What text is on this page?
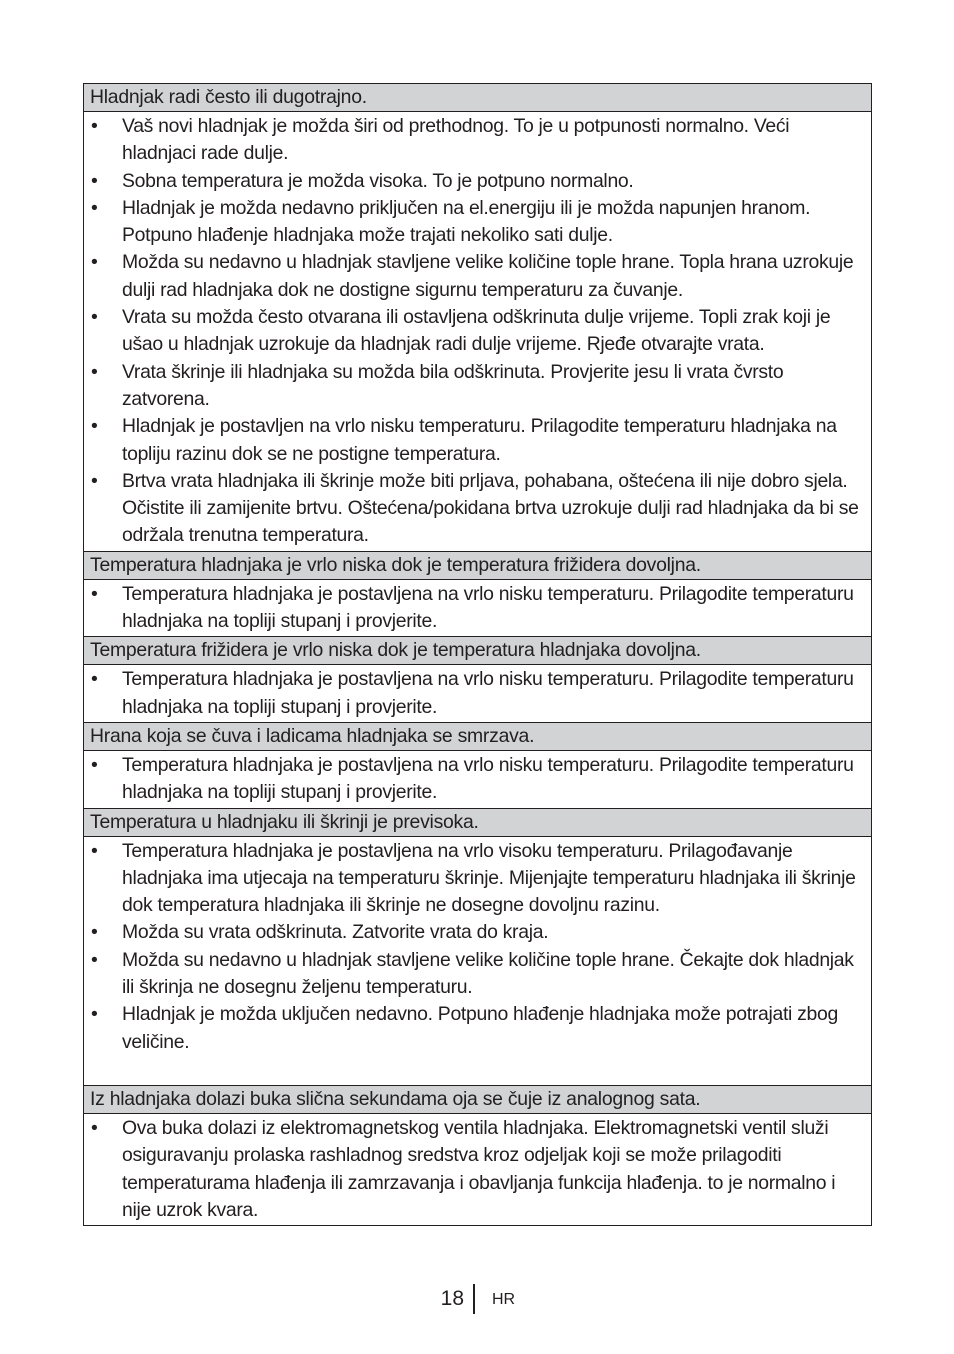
Hladnjak radi često ili dugotrajno.

• Vaš novi hladnjak je možda širi od prethodnog. To je u potpunosti normalno. Veći hladnjaci rade dulje.
• Sobna temperatura je možda visoka. To je potpuno normalno.
• Hladnjak je možda nedavno priključen na el.energiju ili je možda napunjen hranom. Potpuno hlađenje hladnjaka može trajati nekoliko sati dulje.
• Možda su nedavno u hladnjak stavljene velike količine tople hrane. Topla hrana uzrokuje dulji rad hladnjaka dok ne dostigne sigurnu temperaturu za čuvanje.
• Vrata su možda često otvarana ili ostavljena odškrinuta dulje vrijeme. Topli zrak koji je ušao u hladnjak uzrokuje da hladnjak radi dulje vrijeme. Rjeđe otvarajte vrata.
• Vrata škrinje ili hladnjaka su možda bila odškrinuta. Provjerite jesu li vrata čvrsto zatvorena.
• Hladnjak je postavljen na vrlo nisku temperaturu. Prilagodite temperaturu hladnjaka na topliju razinu dok se ne postigne temperatura.
• Brtva vrata hladnjaka ili škrinje može biti prljava, pohabana, oštećena ili nije dobro sjela. Očistite ili zamijenite brtvu. Oštećena/pokidana brtva uzrokuje dulji rad hladnjaka da bi se održala trenutna temperatura.

Temperatura hladnjaka je vrlo niska dok je temperatura frižidera dovoljna.

• Temperatura hladnjaka je postavljena na vrlo nisku temperaturu. Prilagodite temperaturu hladnjaka na topliji stupanj i provjerite.

Temperatura frižidera je vrlo niska dok je temperatura hladnjaka dovoljna.

• Temperatura hladnjaka je postavljena na vrlo nisku temperaturu. Prilagodite temperaturu hladnjaka na topliji stupanj i provjerite.

Hrana koja se čuva i ladicama hladnjaka se smrzava.

• Temperatura hladnjaka je postavljena na vrlo nisku temperaturu. Prilagodite temperaturu hladnjaka na topliji stupanj i provjerite.

Temperatura u hladnjaku ili škrinji je previsoka.

• Temperatura hladnjaka je postavljena na vrlo visoku temperaturu. Prilagođavanje hladnjaka ima utjecaja na temperaturu škrinje. Mijenjajte temperaturu hladnjaka ili škrinje dok temperatura hladnjaka ili škrinje ne dosegne dovoljnu razinu.
• Možda su vrata odškrinuta. Zatvorite vrata do kraja.
• Možda su nedavno u hladnjak stavljene velike količine tople hrane. Čekajte dok hladnjak ili škrinja ne dosegnu željenu temperaturu.
• Hladnjak je možda uključen nedavno. Potpuno hlađenje hladnjaka može potrajati zbog veličine.

Iz hladnjaka dolazi buka slična sekundama oja se čuje iz analognog sata.

• Ova buka dolazi iz elektromagnetskog ventila hladnjaka. Elektromagnetski ventil služi osiguravanju prolaska rashladnog sredstva kroz odjeljak koji se može prilagoditi temperaturama hlađenja ili zamrzavanja i obavljanja funkcija hlađenja. to je normalno i nije uzrok kvara.
18 HR
